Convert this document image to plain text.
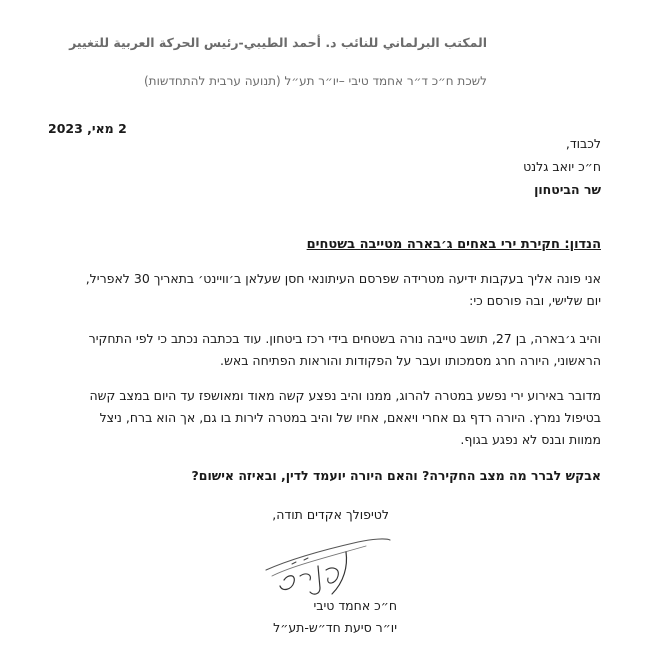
المكتب البرلماني للنائب د. أحمد الطيبي-رئيس الحركة العربية للتغيير
לשכת ח״כ ד״ר אחמד טיבי –יו״ר תע״ל (תנועה ערבית להתחדשות)
2 מאי, 2023
לכבוד,
ח״כ יואב גלנט
שר הביטחון
הנדון: חקירת ירי באחים ג׳בארה מטייבה בשטחים
אני פונה אליך בעקבות ידיעה מטרידה שפרסם העיתונאי חסן שעלאן ב׳וויינט׳ בתאריך 30 לאפריל,
יום שלישי, ובה פורסם כי:
והיב ג׳בארה, בן 27, תושב טייבה נורה בשטחים בידי רכז ביטחון. עוד בכתבה נכתב כי לפי התחקיר
הראשוני, היורה חרג מסמכותו ועבר על הפקודות והוראות הפתיחה באש.
מדובר באירוע ירי נפשע במטרה להרוג, ממנו והיב נפצע קשה מאוד ומאושפז עד היום במצב קשה
בטיפול נמרץ. היורה רדף גם אחרי ויאאם, אחיו של והיב במטרה לירות בו גם, אך הוא ברח, ניצל
ממוות ובנס לא נפגע בגוף.
אבקש לברר מה מצב החקירה? והאם היורה יועמד לדין, ובאיזה אישום?
לטיפולך אקדים תודה,
ח״כ אחמד טיבי
יו״ר סיעת חד״ש-תע״ל
